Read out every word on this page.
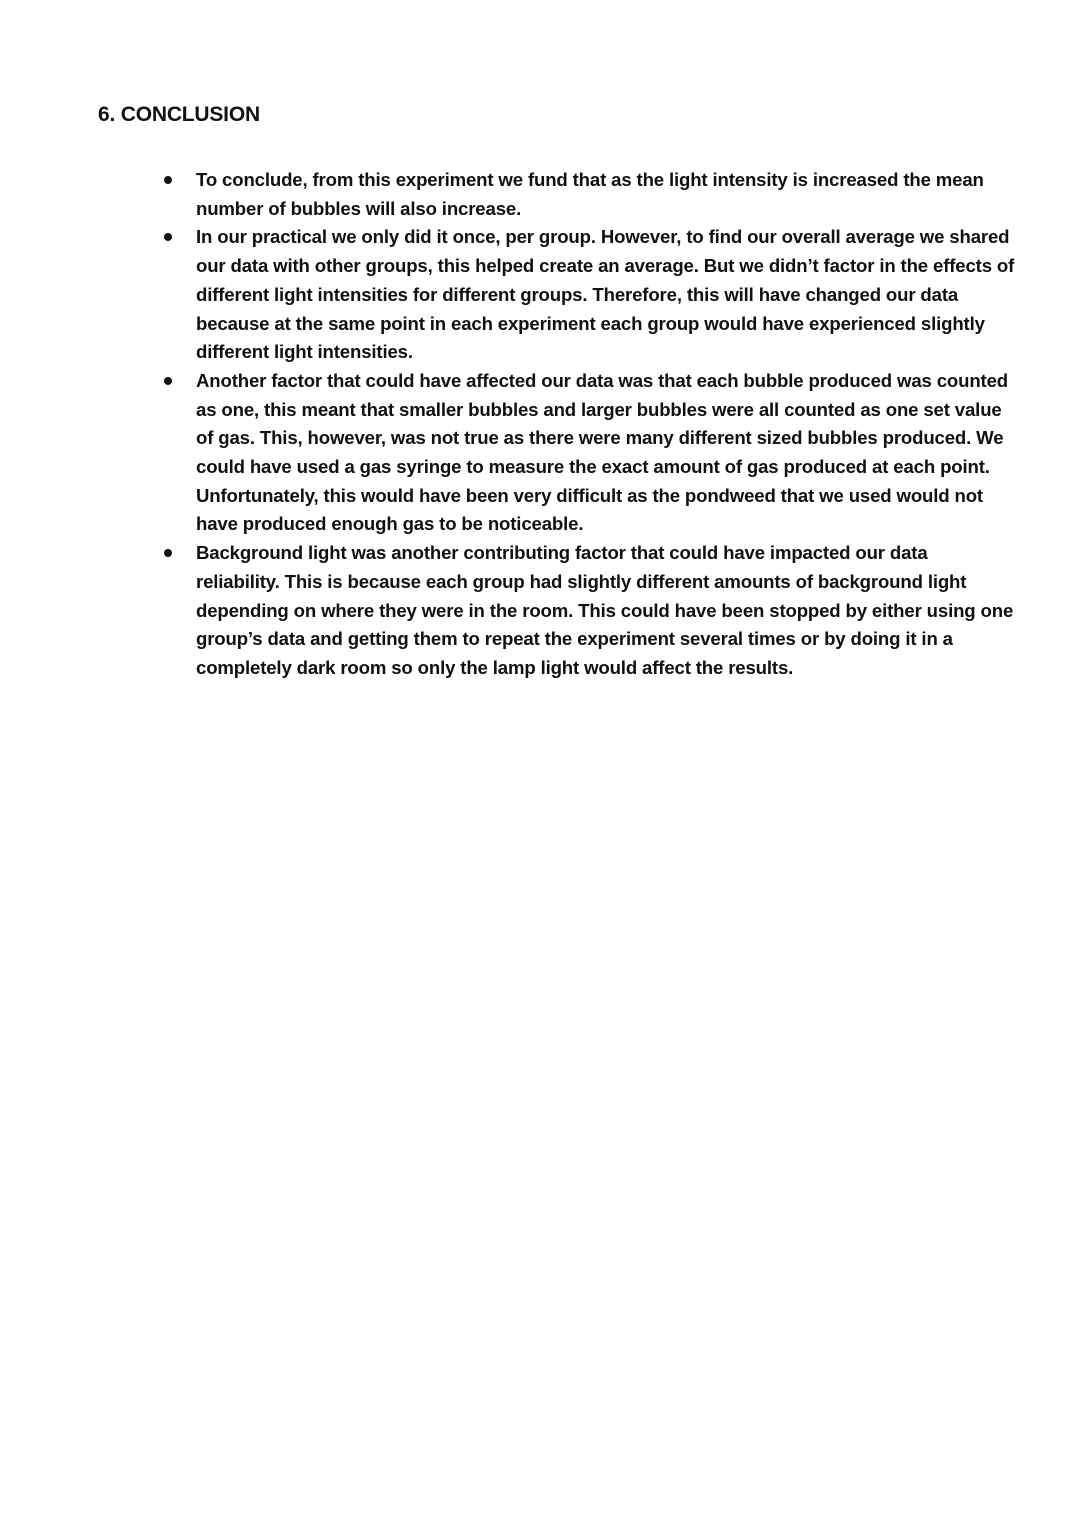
6. CONCLUSION
To conclude, from this experiment we fund that as the light intensity is increased the mean number of bubbles will also increase.
In our practical we only did it once, per group. However, to find our overall average we shared our data with other groups, this helped create an average. But we didn’t factor in the effects of different light intensities for different groups. Therefore, this will have changed our data because at the same point in each experiment each group would have experienced slightly different light intensities.
Another factor that could have affected our data was that each bubble produced was counted as one, this meant that smaller bubbles and larger bubbles were all counted as one set value of gas. This, however, was not true as there were many different sized bubbles produced. We could have used a gas syringe to measure the exact amount of gas produced at each point. Unfortunately, this would have been very difficult as the pondweed that we used would not have produced enough gas to be noticeable.
Background light was another contributing factor that could have impacted our data reliability. This is because each group had slightly different amounts of background light depending on where they were in the room. This could have been stopped by either using one group’s data and getting them to repeat the experiment several times or by doing it in a completely dark room so only the lamp light would affect the results.
